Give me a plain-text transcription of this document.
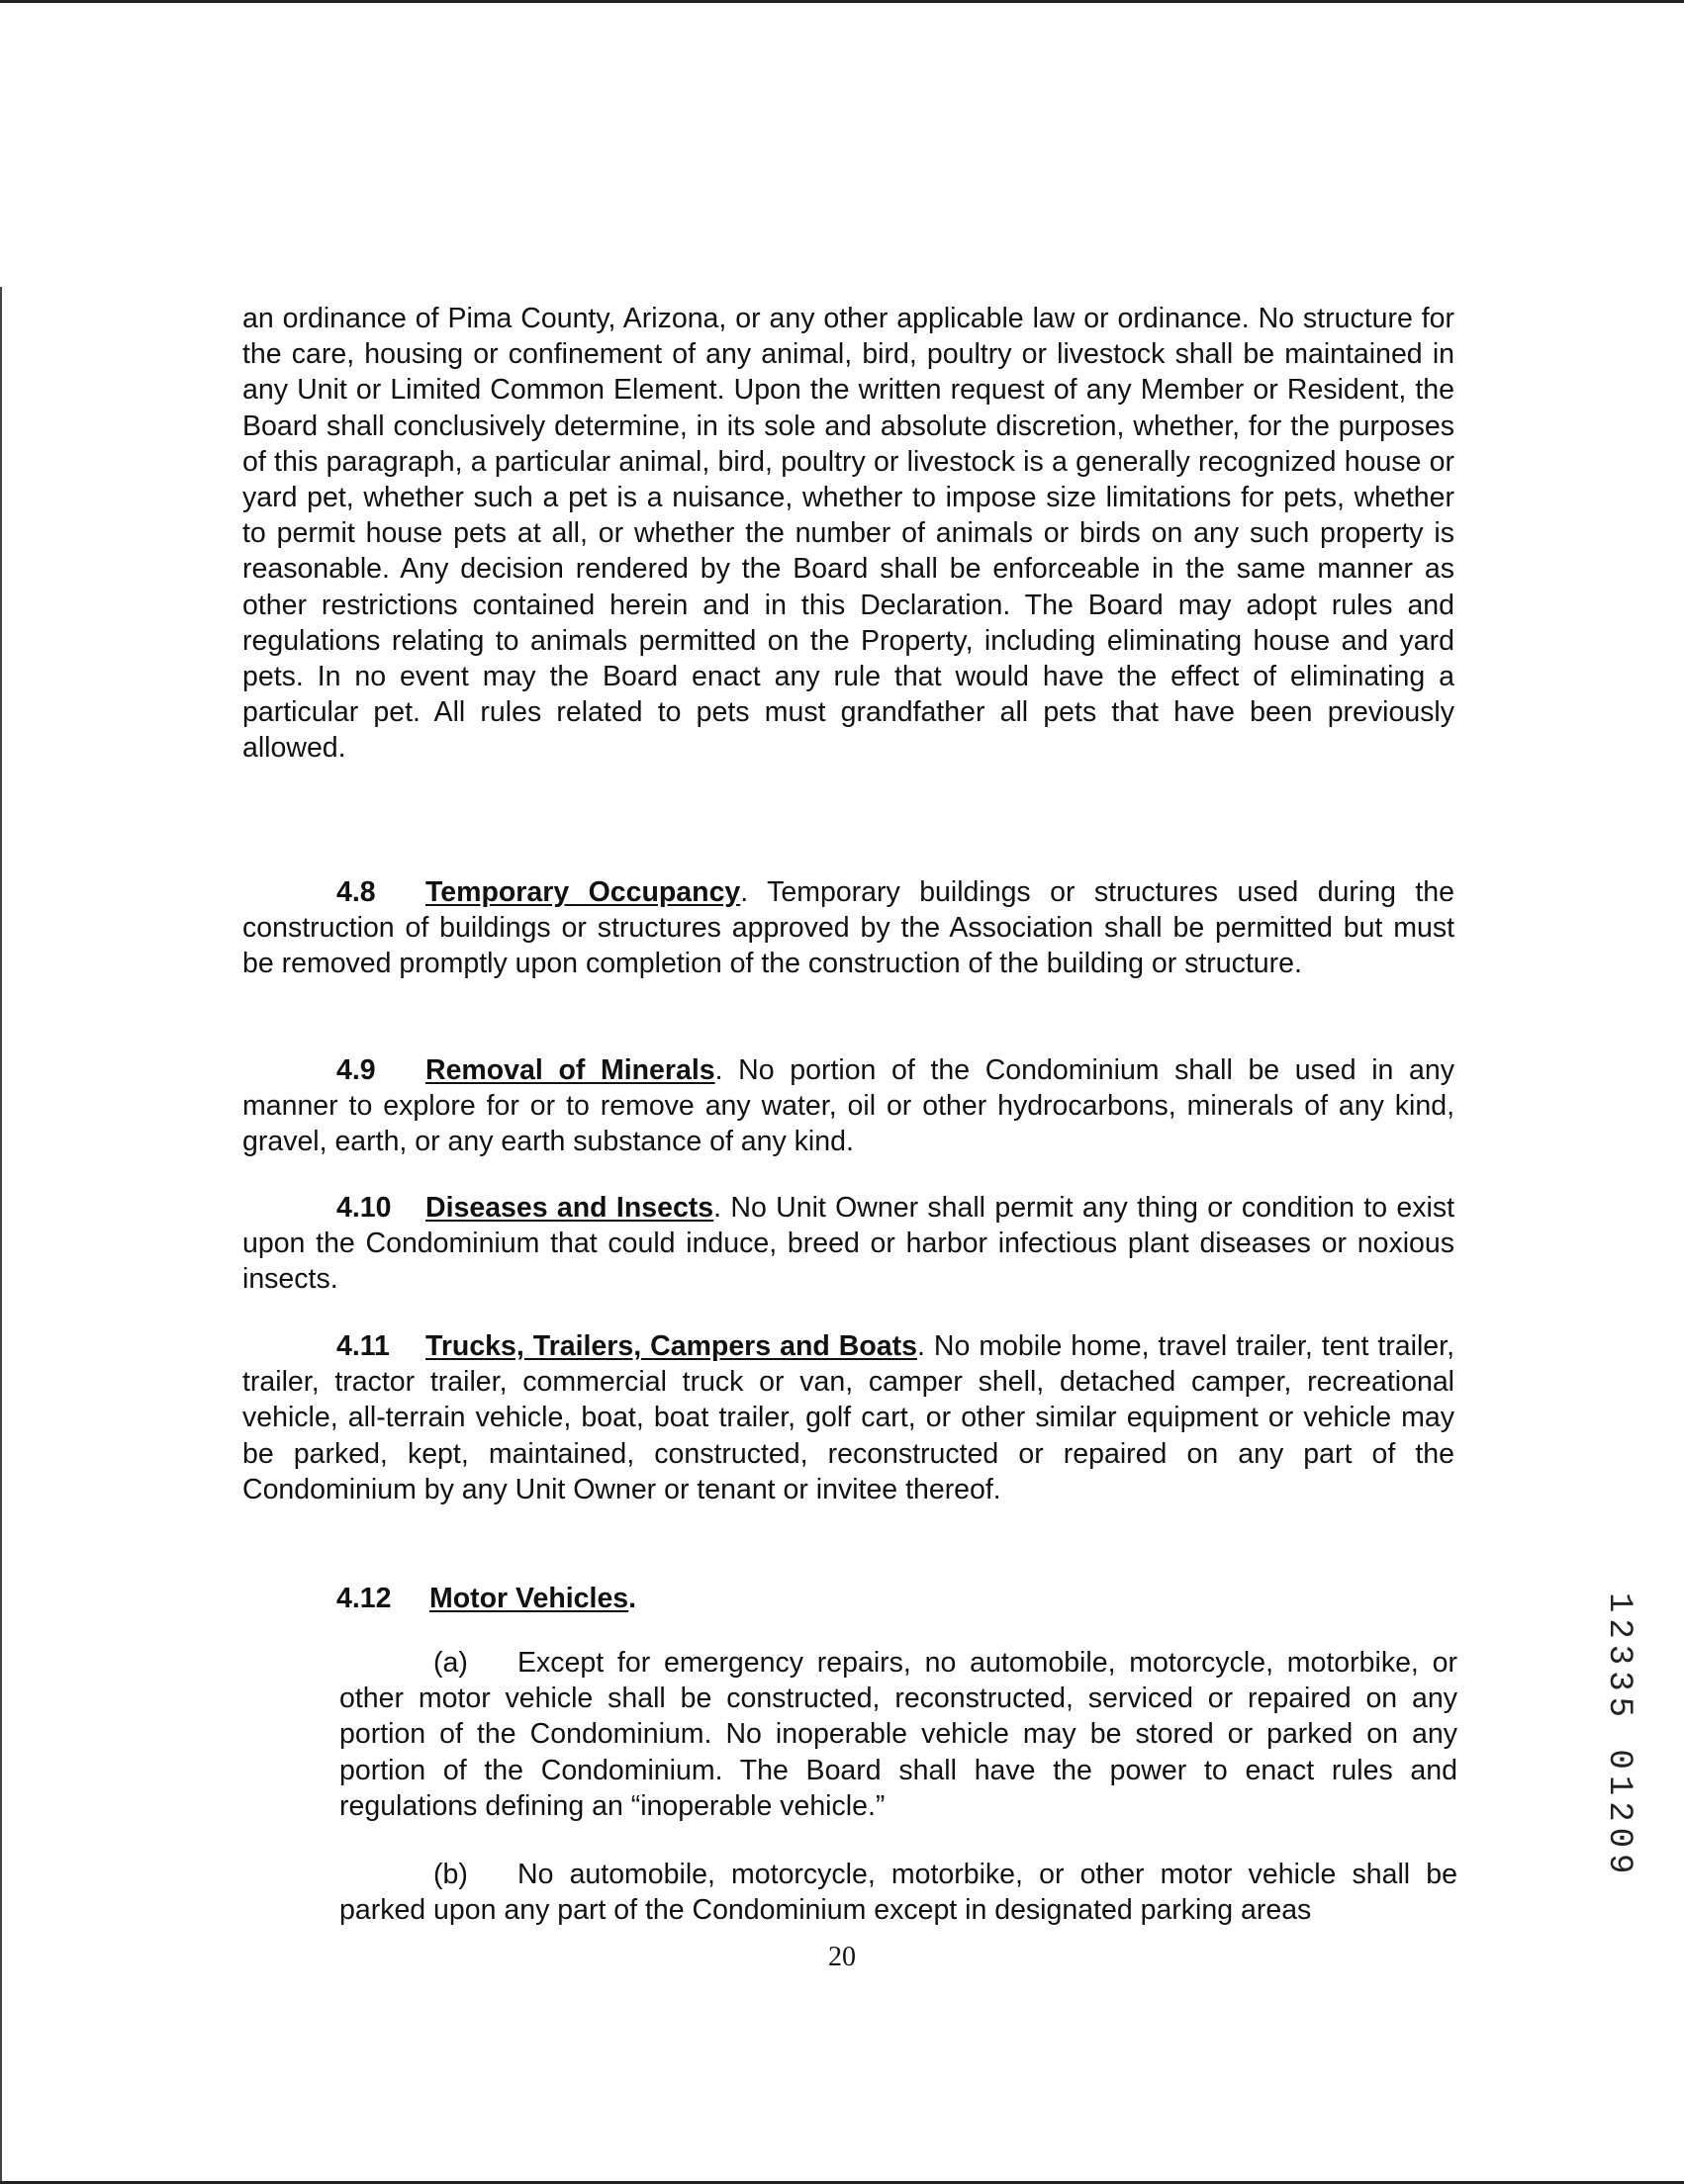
an ordinance of Pima County, Arizona, or any other applicable law or ordinance. No structure for the care, housing or confinement of any animal, bird, poultry or livestock shall be maintained in any Unit or Limited Common Element. Upon the written request of any Member or Resident, the Board shall conclusively determine, in its sole and absolute discretion, whether, for the purposes of this paragraph, a particular animal, bird, poultry or livestock is a generally recognized house or yard pet, whether such a pet is a nuisance, whether to impose size limitations for pets, whether to permit house pets at all, or whether the number of animals or birds on any such property is reasonable. Any decision rendered by the Board shall be enforceable in the same manner as other restrictions contained herein and in this Declaration. The Board may adopt rules and regulations relating to animals permitted on the Property, including eliminating house and yard pets. In no event may the Board enact any rule that would have the effect of eliminating a particular pet. All rules related to pets must grandfather all pets that have been previously allowed.

4.8 Temporary Occupancy. Temporary buildings or structures used during the construction of buildings or structures approved by the Association shall be permitted but must be removed promptly upon completion of the construction of the building or structure.

4.9 Removal of Minerals. No portion of the Condominium shall be used in any manner to explore for or to remove any water, oil or other hydrocarbons, minerals of any kind, gravel, earth, or any earth substance of any kind.

4.10 Diseases and Insects. No Unit Owner shall permit any thing or condition to exist upon the Condominium that could induce, breed or harbor infectious plant diseases or noxious insects.

4.11 Trucks, Trailers, Campers and Boats. No mobile home, travel trailer, tent trailer, trailer, tractor trailer, commercial truck or van, camper shell, detached camper, recreational vehicle, all-terrain vehicle, boat, boat trailer, golf cart, or other similar equipment or vehicle may be parked, kept, maintained, constructed, reconstructed or repaired on any part of the Condominium by any Unit Owner or tenant or invitee thereof.

4.12 Motor Vehicles.

(a) Except for emergency repairs, no automobile, motorcycle, motorbike, or other motor vehicle shall be constructed, reconstructed, serviced or repaired on any portion of the Condominium. No inoperable vehicle may be stored or parked on any portion of the Condominium. The Board shall have the power to enact rules and regulations defining an “inoperable vehicle.”

(b) No automobile, motorcycle, motorbike, or other motor vehicle shall be parked upon any part of the Condominium except in designated parking areas

20
12335 01209
